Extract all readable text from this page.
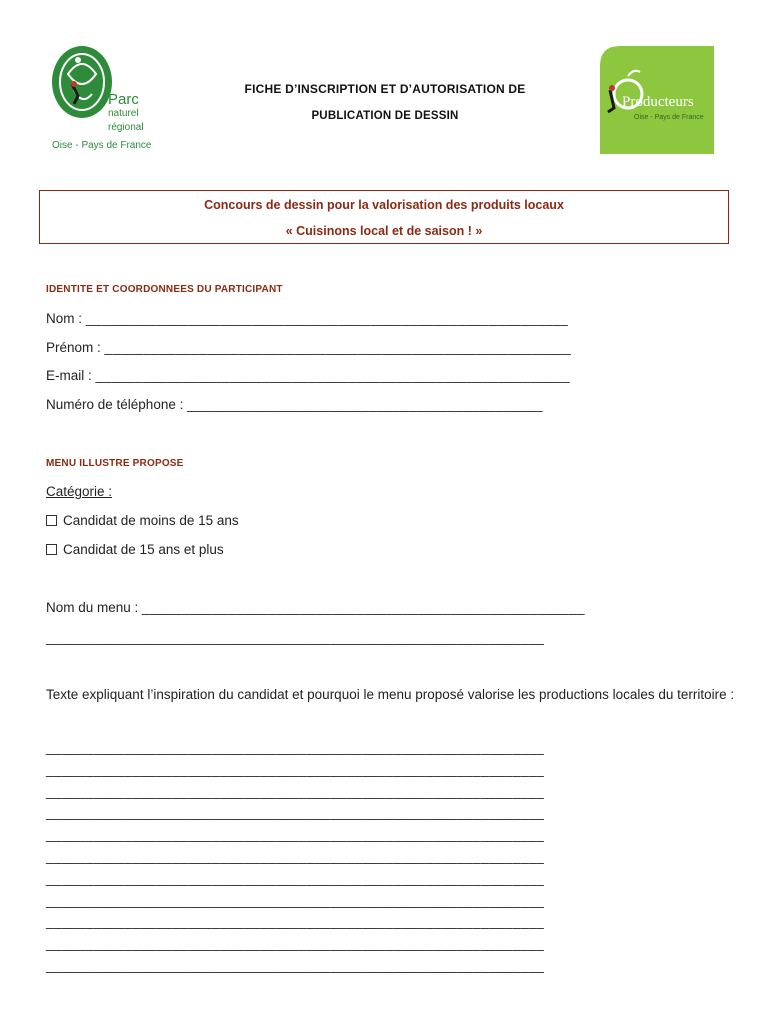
Parc
naturel
régional
Oise - Pays de France
FICHE D’INSCRIPTION ET D’AUTORISATION DE
PUBLICATION DE DESSIN
Producteurs
Oise - Pays de France
Concours de dessin pour la valorisation des produits locaux
« Cuisinons local et de saison ! »
IDENTITE ET COORDONNEES DU PARTICIPANT
Nom : _____________________________________________________________
Prénom : ___________________________________________________________
E-mail : ____________________________________________________________
Numéro de téléphone : _____________________________________________
MENU ILLUSTRE PROPOSE
Catégorie :
Candidat de moins de 15 ans
Candidat de 15 ans et plus
Nom du menu : ________________________________________________________
_______________________________________________________________
Texte expliquant l’inspiration du candidat et pourquoi le menu proposé valorise les productions locales du territoire :
_______________________________________________________________
_______________________________________________________________
_______________________________________________________________
_______________________________________________________________
_______________________________________________________________
_______________________________________________________________
_______________________________________________________________
_______________________________________________________________
_______________________________________________________________
_______________________________________________________________
_______________________________________________________________
